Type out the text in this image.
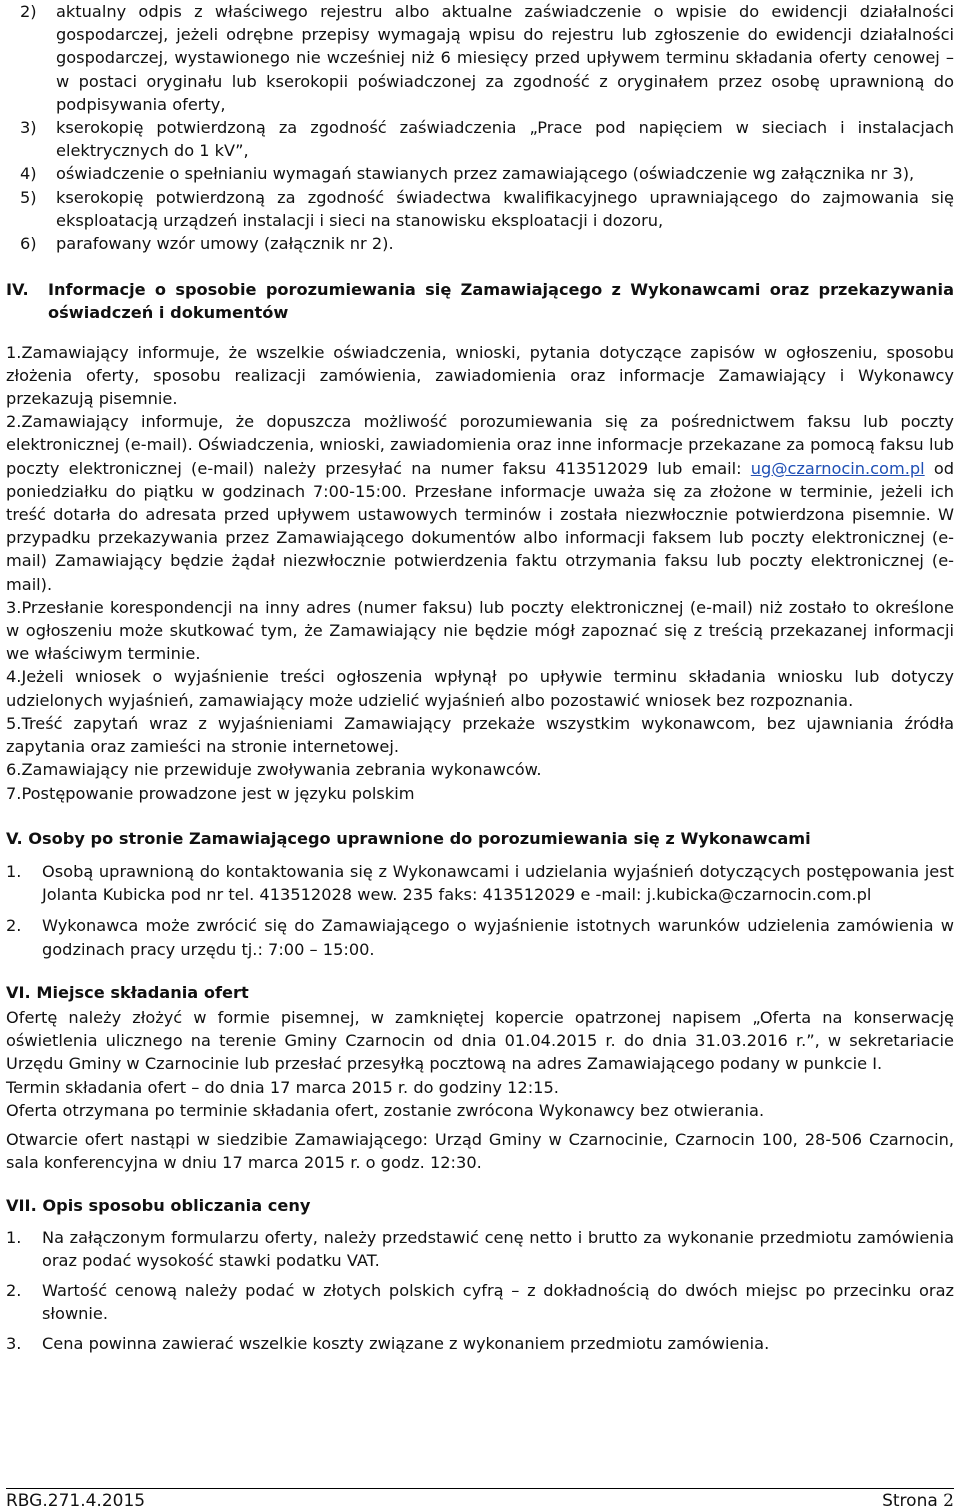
2)	aktualny odpis z właściwego rejestru albo aktualne zaświadczenie o wpisie do ewidencji działalności gospodarczej, jeżeli odrębne przepisy wymagają wpisu do rejestru lub zgłoszenie do ewidencji działalności gospodarczej, wystawionego nie wcześniej niż 6 miesięcy przed upływem terminu składania oferty cenowej – w postaci oryginału lub kserokopii poświadczonej za zgodność z oryginałem przez osobę uprawnioną do podpisywania oferty,
3)	kserokopię potwierdzoną za zgodność zaświadczenia „Prace pod napięciem w sieciach i instalacjach elektrycznych do 1 kV”,
4)	oświadczenie o spełnianiu wymagań stawianych przez zamawiającego (oświadczenie wg załącznika nr 3),
5)	kserokopię potwierdzoną za zgodność świadectwa kwalifikacyjnego uprawniającego do zajmowania się eksploatacją urządzeń instalacji i sieci na stanowisku eksploatacji i dozoru,
6)	parafowany wzór umowy (załącznik nr 2).
IV.	Informacje o sposobie porozumiewania się Zamawiającego z Wykonawcami oraz przekazywania oświadczeń i dokumentów

1.Zamawiający informuje, że wszelkie oświadczenia, wnioski, pytania dotyczące zapisów w ogłoszeniu, sposobu złożenia oferty, sposobu realizacji zamówienia, zawiadomienia oraz informacje Zamawiający i Wykonawcy przekazują pisemnie.

2.Zamawiający informuje, że dopuszcza możliwość porozumiewania się za pośrednictwem faksu lub poczty elektronicznej (e-mail). Oświadczenia, wnioski, zawiadomienia oraz inne informacje przekazane za pomocą faksu lub poczty elektronicznej (e-mail) należy przesyłać na numer faksu 413512029 lub email: ug@czarnocin.com.pl od poniedziałku do piątku w godzinach 7:00-15:00. Przesłane informacje uważa się za złożone w terminie, jeżeli ich treść dotarła do adresata przed upływem ustawowych terminów i została niezwłocznie potwierdzona pisemnie. W przypadku przekazywania przez Zamawiającego dokumentów albo informacji faksem lub poczty elektronicznej (e-mail) Zamawiający będzie żądał niezwłocznie potwierdzenia faktu otrzymania faksu lub poczty elektronicznej (e-mail).

3.Przesłanie korespondencji na inny adres (numer faksu) lub poczty elektronicznej (e-mail) niż zostało to określone w ogłoszeniu może skutkować tym, że Zamawiający nie będzie mógł zapoznać się z treścią przekazanej informacji we właściwym terminie.

4.Jeżeli wniosek o wyjaśnienie treści ogłoszenia wpłynął po upływie terminu składania wniosku lub dotyczy udzielonych wyjaśnień, zamawiający może udzielić wyjaśnień albo pozostawić wniosek bez rozpoznania.

5.Treść zapytań wraz z wyjaśnieniami Zamawiający przekaże wszystkim wykonawcom, bez ujawniania źródła zapytania oraz zamieści na stronie internetowej.

6.Zamawiający nie przewiduje zwoływania zebrania wykonawców.

7.Postępowanie prowadzone jest w języku polskim

V. Osoby po stronie Zamawiającego uprawnione do porozumiewania się z Wykonawcami
1.	Osobą uprawnioną do kontaktowania się z Wykonawcami i udzielania wyjaśnień dotyczących postępowania jest Jolanta Kubicka pod nr tel. 413512028 wew. 235 faks: 413512029 e -mail: j.kubicka@czarnocin.com.pl
2.	Wykonawca może zwrócić się do Zamawiającego o wyjaśnienie istotnych warunków udzielenia zamówienia w godzinach pracy urzędu tj.: 7:00 – 15:00.
VI. Miejsce składania ofert

Ofertę należy złożyć w formie pisemnej, w zamkniętej kopercie opatrzonej napisem „Oferta na konserwację oświetlenia ulicznego na terenie Gminy Czarnocin od dnia 01.04.2015 r. do dnia 31.03.2016 r.”, w sekretariacie Urzędu Gminy w Czarnocinie lub przesłać przesyłką pocztową na adres Zamawiającego podany w punkcie I.

Termin składania ofert – do dnia 17 marca 2015 r. do godziny 12:15.

Oferta otrzymana po terminie składania ofert, zostanie zwrócona Wykonawcy bez otwierania.

Otwarcie ofert nastąpi w siedzibie Zamawiającego: Urząd Gminy w Czarnocinie, Czarnocin 100, 28-506 Czarnocin, sala konferencyjna w dniu 17 marca 2015 r. o godz. 12:30.

VII. Opis sposobu obliczania ceny
1.	Na załączonym formularzu oferty, należy przedstawić cenę netto i brutto za wykonanie przedmiotu zamówienia oraz podać wysokość stawki podatku VAT.
2.	Wartość cenową należy podać w złotych polskich cyfrą – z dokładnością do dwóch miejsc po przecinku oraz słownie.
3.	Cena powinna zawierać wszelkie koszty związane z wykonaniem przedmiotu zamówienia.
RBG.271.4.2015	Strona 2
